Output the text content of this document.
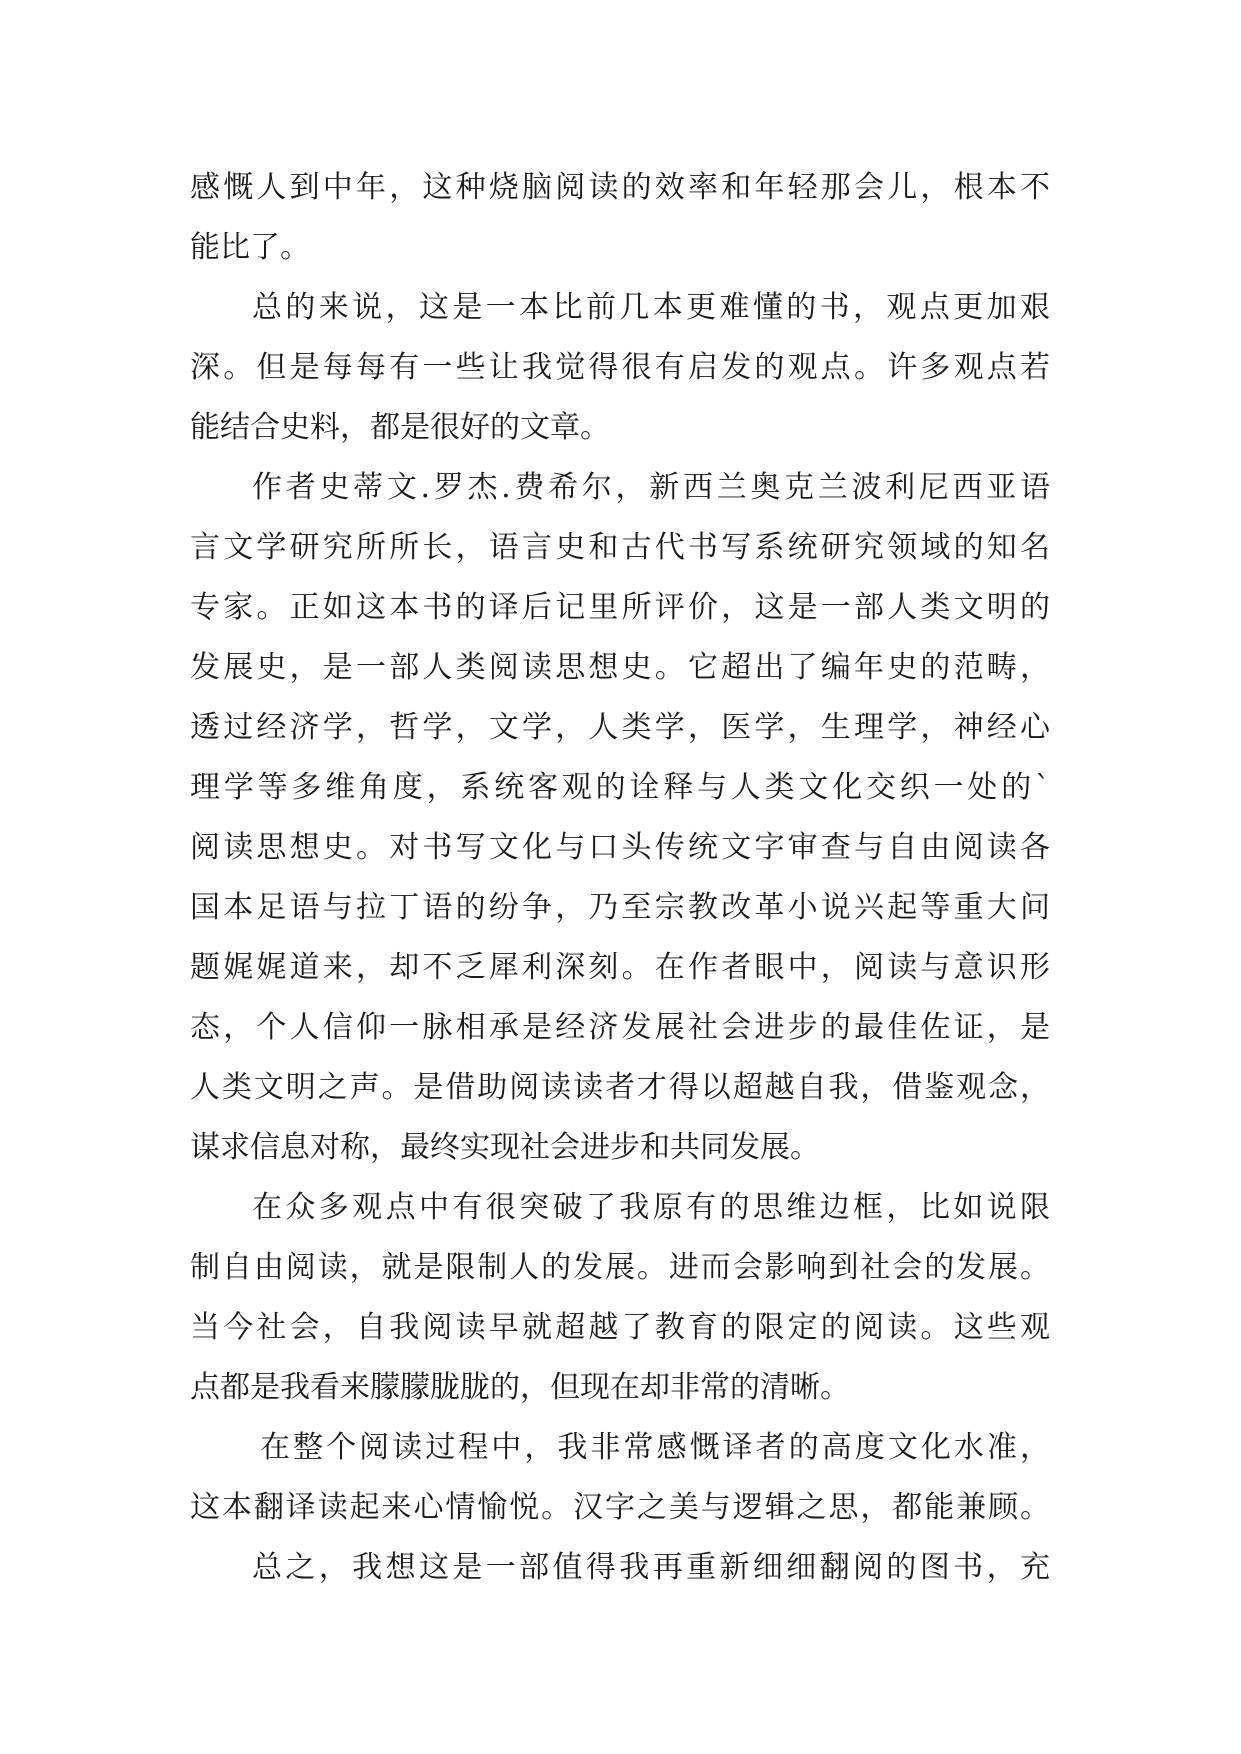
感慨人到中年，这种烧脑阅读的效率和年轻那会儿，根本不
能比了。
总的来说，这是一本比前几本更难懂的书，观点更加艰
深。但是每每有一些让我觉得很有启发的观点。许多观点若
能结合史料，都是很好的文章。
作者史蒂文.罗杰.费希尔，新西兰奥克兰波利尼西亚语
言文学研究所所长，语言史和古代书写系统研究领域的知名
专家。正如这本书的译后记里所评价，这是一部人类文明的
发展史，是一部人类阅读思想史。它超出了编年史的范畴，
透过经济学，哲学，文学，人类学，医学，生理学，神经心
理学等多维角度，系统客观的诠释与人类文化交织一处的`
阅读思想史。对书写文化与口头传统文字审查与自由阅读各
国本足语与拉丁语的纷争，乃至宗教改革小说兴起等重大问
题娓娓道来，却不乏犀利深刻。在作者眼中，阅读与意识形
态，个人信仰一脉相承是经济发展社会进步的最佳佐证，是
人类文明之声。是借助阅读读者才得以超越自我，借鉴观念，
谋求信息对称，最终实现社会进步和共同发展。
在众多观点中有很突破了我原有的思维边框，比如说限
制自由阅读，就是限制人的发展。进而会影响到社会的发展。
当今社会，自我阅读早就超越了教育的限定的阅读。这些观
点都是我看来朦朦胧胧的，但现在却非常的清晰。
在整个阅读过程中，我非常感慨译者的高度文化水准，
这本翻译读起来心情愉悦。汉字之美与逻辑之思，都能兼顾。
总之，我想这是一部值得我再重新细细翻阅的图书，充
